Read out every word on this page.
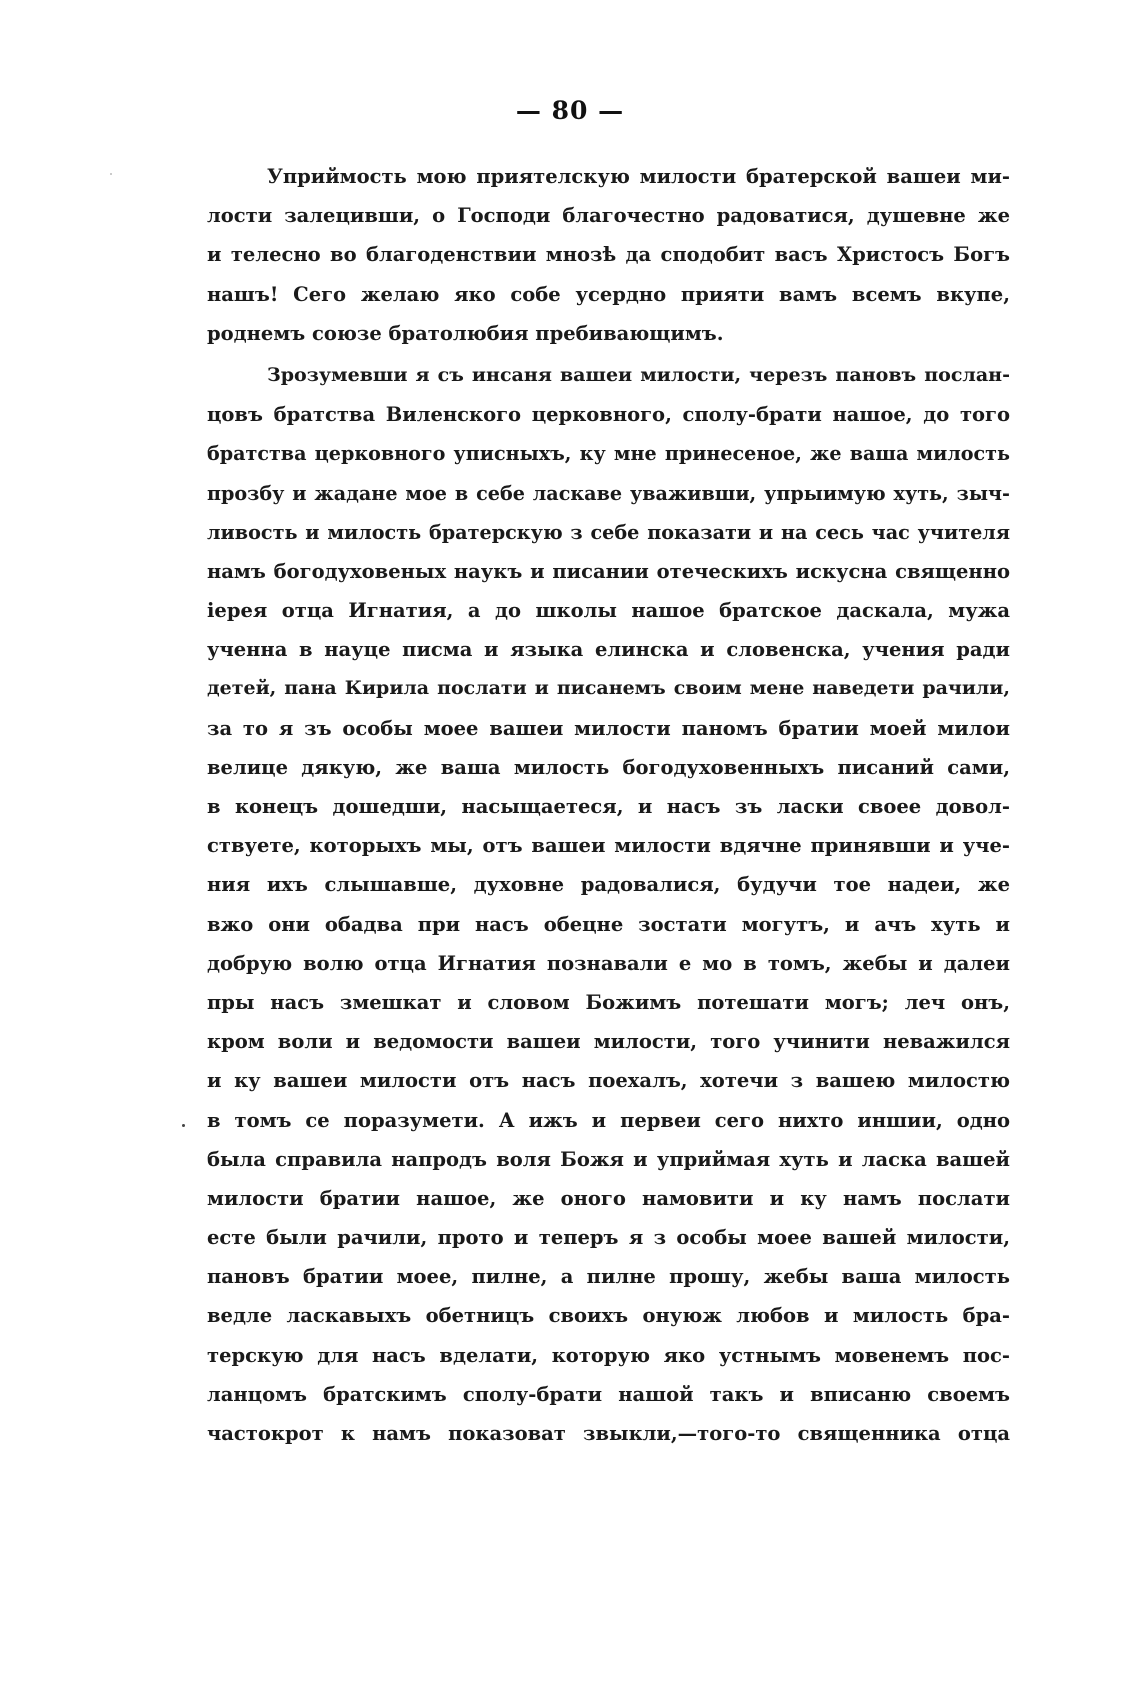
— 80 —
Уприймость мою приятелскую милости братерской вашеи ми-
лости залецивши, о Господи благочестно радоватися, душевне же
и телесно во благоденствии мнозѣ да сподобит васъ Христосъ Богъ
нашъ! Сего желаю яко собе усердно прияти вамъ всемъ вкупе,
роднемъ союзе братолюбия пребивающимъ.
Зрозумевши я съ инсаня вашеи милости, черезъ пановъ послан-
цовъ братства Виленского церковного, сполу-брати нашое, до того
братства церковного уписныхъ, ку мне принесеное, же ваша милость
прозбу и жадане мое в себе ласкаве уваживши, упрыимую хуть, зыч-
ливость и милость братерскую з себе показати и на сесь час учителя
намъ богодуховеных наукъ и писании отеческихъ искусна священно
іерея отца Игнатия, а до школы нашое братское даскала, мужа
ученна в науце писма и языка елинска и словенска, учения ради
детей, пана Кирила послати и писанемъ своим мене наведети рачили,
за то я зъ особы моее вашеи милости паномъ братии моей милои
велице дякую, же ваша милость богодуховенныхъ писаний сами,
в конецъ дошедши, насыщаетеся, и насъ зъ ласки своее довол-
ствуете, которыхъ мы, отъ вашеи милости вдячне принявши и уче-
ния ихъ слышавше, духовне радовалися, будучи тое надеи, же
вжо они обадва при насъ обецне зостати могутъ, и ачъ хуть и
добрую волю отца Игнатия познавали е мо в томъ, жебы и далеи
пры насъ змешкат и словом Божимъ потешати могъ; леч онъ,
кром воли и ведомости вашеи милости, того учинити неважился
и ку вашеи милости отъ насъ поехалъ, хотечи з вашею милостю
в томъ се поразумети. А ижъ и первеи сего нихто иншии, одно
была справила напродъ воля Божя и уприймая хуть и ласка вашей
милости братии нашое, же оного намовити и ку намъ послати
есте были рачили, прото и теперъ я з особы моее вашей милости,
пановъ братии моее, пилне, а пилне прошу, жебы ваша милость
ведле ласкавыхъ обетницъ своихъ онуюж любов и милость бра-
терскую для насъ вделати, которую яко устнымъ мовенемъ пос-
ланцомъ братскимъ сполу-брати нашой такъ и вписаню своемъ
частокрот к намъ показоват звыкли,—того-то священника отца
